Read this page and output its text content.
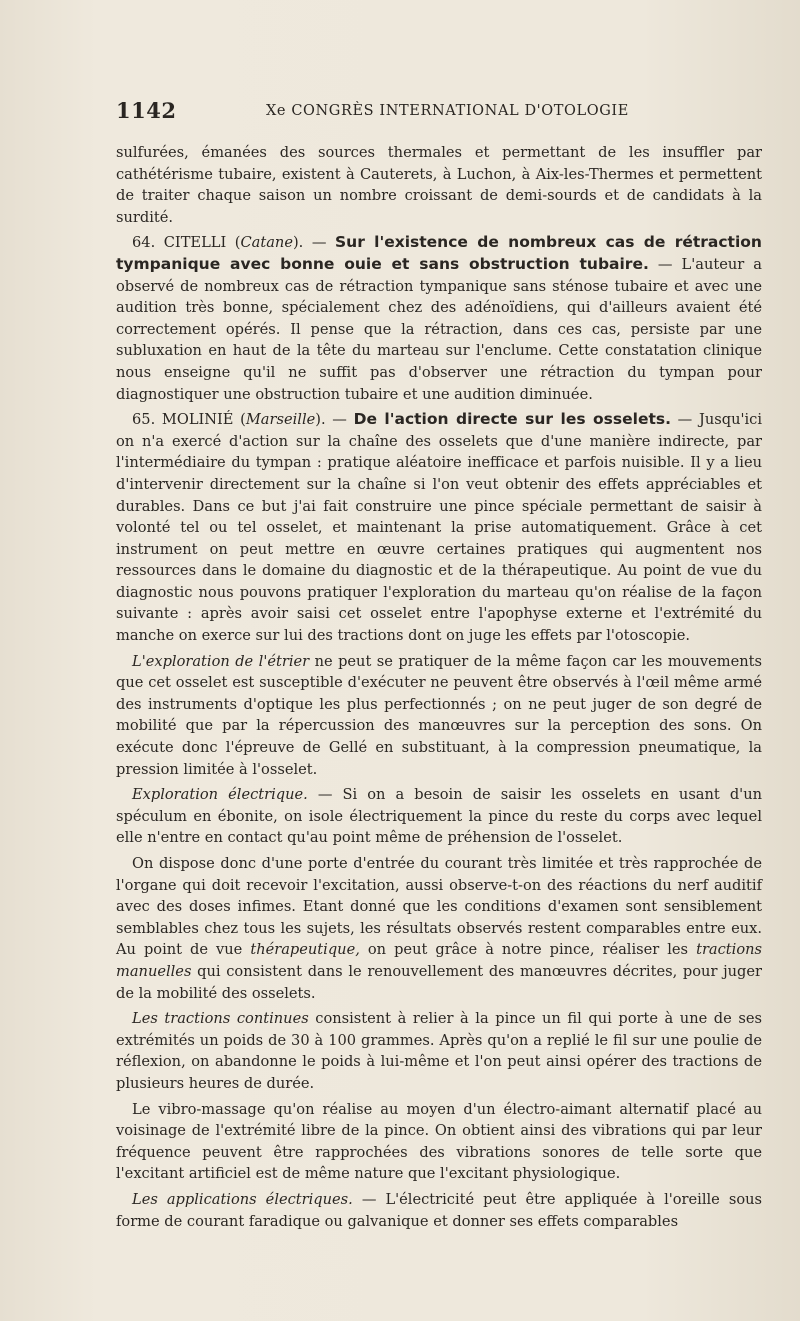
1142	Xe CONGRÈS INTERNATIONAL D'OTOLOGIE

sulfurées, émanées des sources thermales et permettant de les insuffler par cathétérisme tubaire, existent à Cauterets, à Luchon, à Aix-les-Thermes et permettent de traiter chaque saison un nombre croissant de demi-sourds et de candidats à la surdité.

64. CITELLI (Catane). — Sur l'existence de nombreux cas de rétraction tympanique avec bonne ouie et sans obstruction tubaire. — L'auteur a observé de nombreux cas de rétraction tympanique sans sténose tubaire et avec une audition très bonne, spécialement chez des adénoïdiens, qui d'ailleurs avaient été correctement opérés. Il pense que la rétraction, dans ces cas, persiste par une subluxation en haut de la tête du marteau sur l'enclume. Cette constatation clinique nous enseigne qu'il ne suffit pas d'observer une rétraction du tympan pour diagnostiquer une obstruction tubaire et une audition diminuée.

65. MOLINIÉ (Marseille). — De l'action directe sur les osselets. — Jusqu'ici on n'a exercé d'action sur la chaîne des osselets que d'une manière indirecte, par l'intermédiaire du tympan : pratique aléatoire inefficace et parfois nuisible. Il y a lieu d'intervenir directement sur la chaîne si l'on veut obtenir des effets appréciables et durables. Dans ce but j'ai fait construire une pince spéciale permettant de saisir à volonté tel ou tel osselet, et maintenant la prise automatiquement. Grâce à cet instrument on peut mettre en œuvre certaines pratiques qui augmentent nos ressources dans le domaine du diagnostic et de la thérapeutique. Au point de vue du diagnostic nous pouvons pratiquer l'exploration du marteau qu'on réalise de la façon suivante : après avoir saisi cet osselet entre l'apophyse externe et l'extrémité du manche on exerce sur lui des tractions dont on juge les effets par l'otoscopie.

L'exploration de l'étrier ne peut se pratiquer de la même façon car les mouvements que cet osselet est susceptible d'exécuter ne peuvent être observés à l'œil même armé des instruments d'optique les plus perfectionnés ; on ne peut juger de son degré de mobilité que par la répercussion des manœuvres sur la perception des sons. On exécute donc l'épreuve de Gellé en substituant, à la compression pneumatique, la pression limitée à l'osselet.

Exploration électrique. — Si on a besoin de saisir les osselets en usant d'un spéculum en ébonite, on isole électriquement la pince du reste du corps avec lequel elle n'entre en contact qu'au point même de préhension de l'osselet.

On dispose donc d'une porte d'entrée du courant très limitée et très rapprochée de l'organe qui doit recevoir l'excitation, aussi observe-t-on des réactions du nerf auditif avec des doses infimes. Etant donné que les conditions d'examen sont sensiblement semblables chez tous les sujets, les résultats observés restent comparables entre eux. Au point de vue thérapeutique, on peut grâce à notre pince, réaliser les tractions manuelles qui consistent dans le renouvellement des manœuvres décrites, pour juger de la mobilité des osselets.

Les tractions continues consistent à relier à la pince un fil qui porte à une de ses extrémités un poids de 30 à 100 grammes. Après qu'on a replié le fil sur une poulie de réflexion, on abandonne le poids à lui-même et l'on peut ainsi opérer des tractions de plusieurs heures de durée.

Le vibro-massage qu'on réalise au moyen d'un électro-aimant alternatif placé au voisinage de l'extrémité libre de la pince. On obtient ainsi des vibrations qui par leur fréquence peuvent être rapprochées des vibrations sonores de telle sorte que l'excitant artificiel est de même nature que l'excitant physiologique.

Les applications électriques. — L'électricité peut être appliquée à l'oreille sous forme de courant faradique ou galvanique et donner ses effets comparables
